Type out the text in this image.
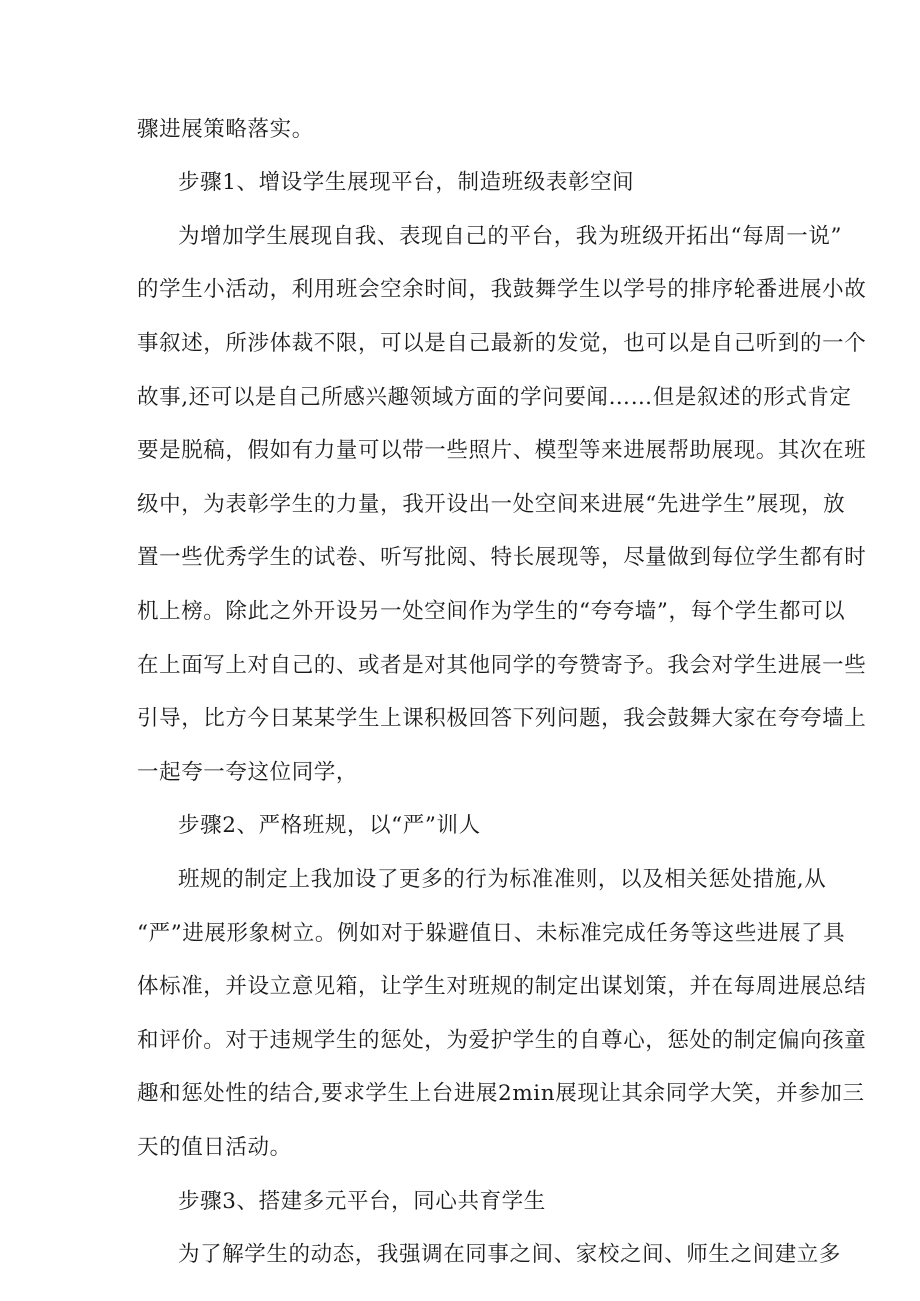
骤进展策略落实。
步骤1、增设学生展现平台，制造班级表彰空间
为增加学生展现自我、表现自己的平台，我为班级开拓出“每周一说”
的学生小活动，利用班会空余时间，我鼓舞学生以学号的排序轮番进展小故
事叙述，所涉体裁不限，可以是自己最新的发觉，也可以是自己听到的一个
故事,还可以是自己所感兴趣领域方面的学问要闻……但是叙述的形式肯定
要是脱稿，假如有力量可以带一些照片、模型等来进展帮助展现。其次在班
级中，为表彰学生的力量，我开设出一处空间来进展“先进学生”展现，放
置一些优秀学生的试卷、听写批阅、特长展现等，尽量做到每位学生都有时
机上榜。除此之外开设另一处空间作为学生的“夸夸墙”，每个学生都可以
在上面写上对自己的、或者是对其他同学的夸赞寄予。我会对学生进展一些
引导，比方今日某某学生上课积极回答下列问题，我会鼓舞大家在夸夸墙上
一起夸一夸这位同学，
步骤2、严格班规，以“严”训人
班规的制定上我加设了更多的行为标准准则，以及相关惩处措施,从
“严”进展形象树立。例如对于躲避值日、未标准完成任务等这些进展了具
体标准，并设立意见箱，让学生对班规的制定出谋划策，并在每周进展总结
和评价。对于违规学生的惩处，为爱护学生的自尊心，惩处的制定偏向孩童
趣和惩处性的结合,要求学生上台进展2min展现让其余同学大笑，并参加三
天的值日活动。
步骤3、搭建多元平台，同心共育学生
为了解学生的动态，我强调在同事之间、家校之间、师生之间建立多
